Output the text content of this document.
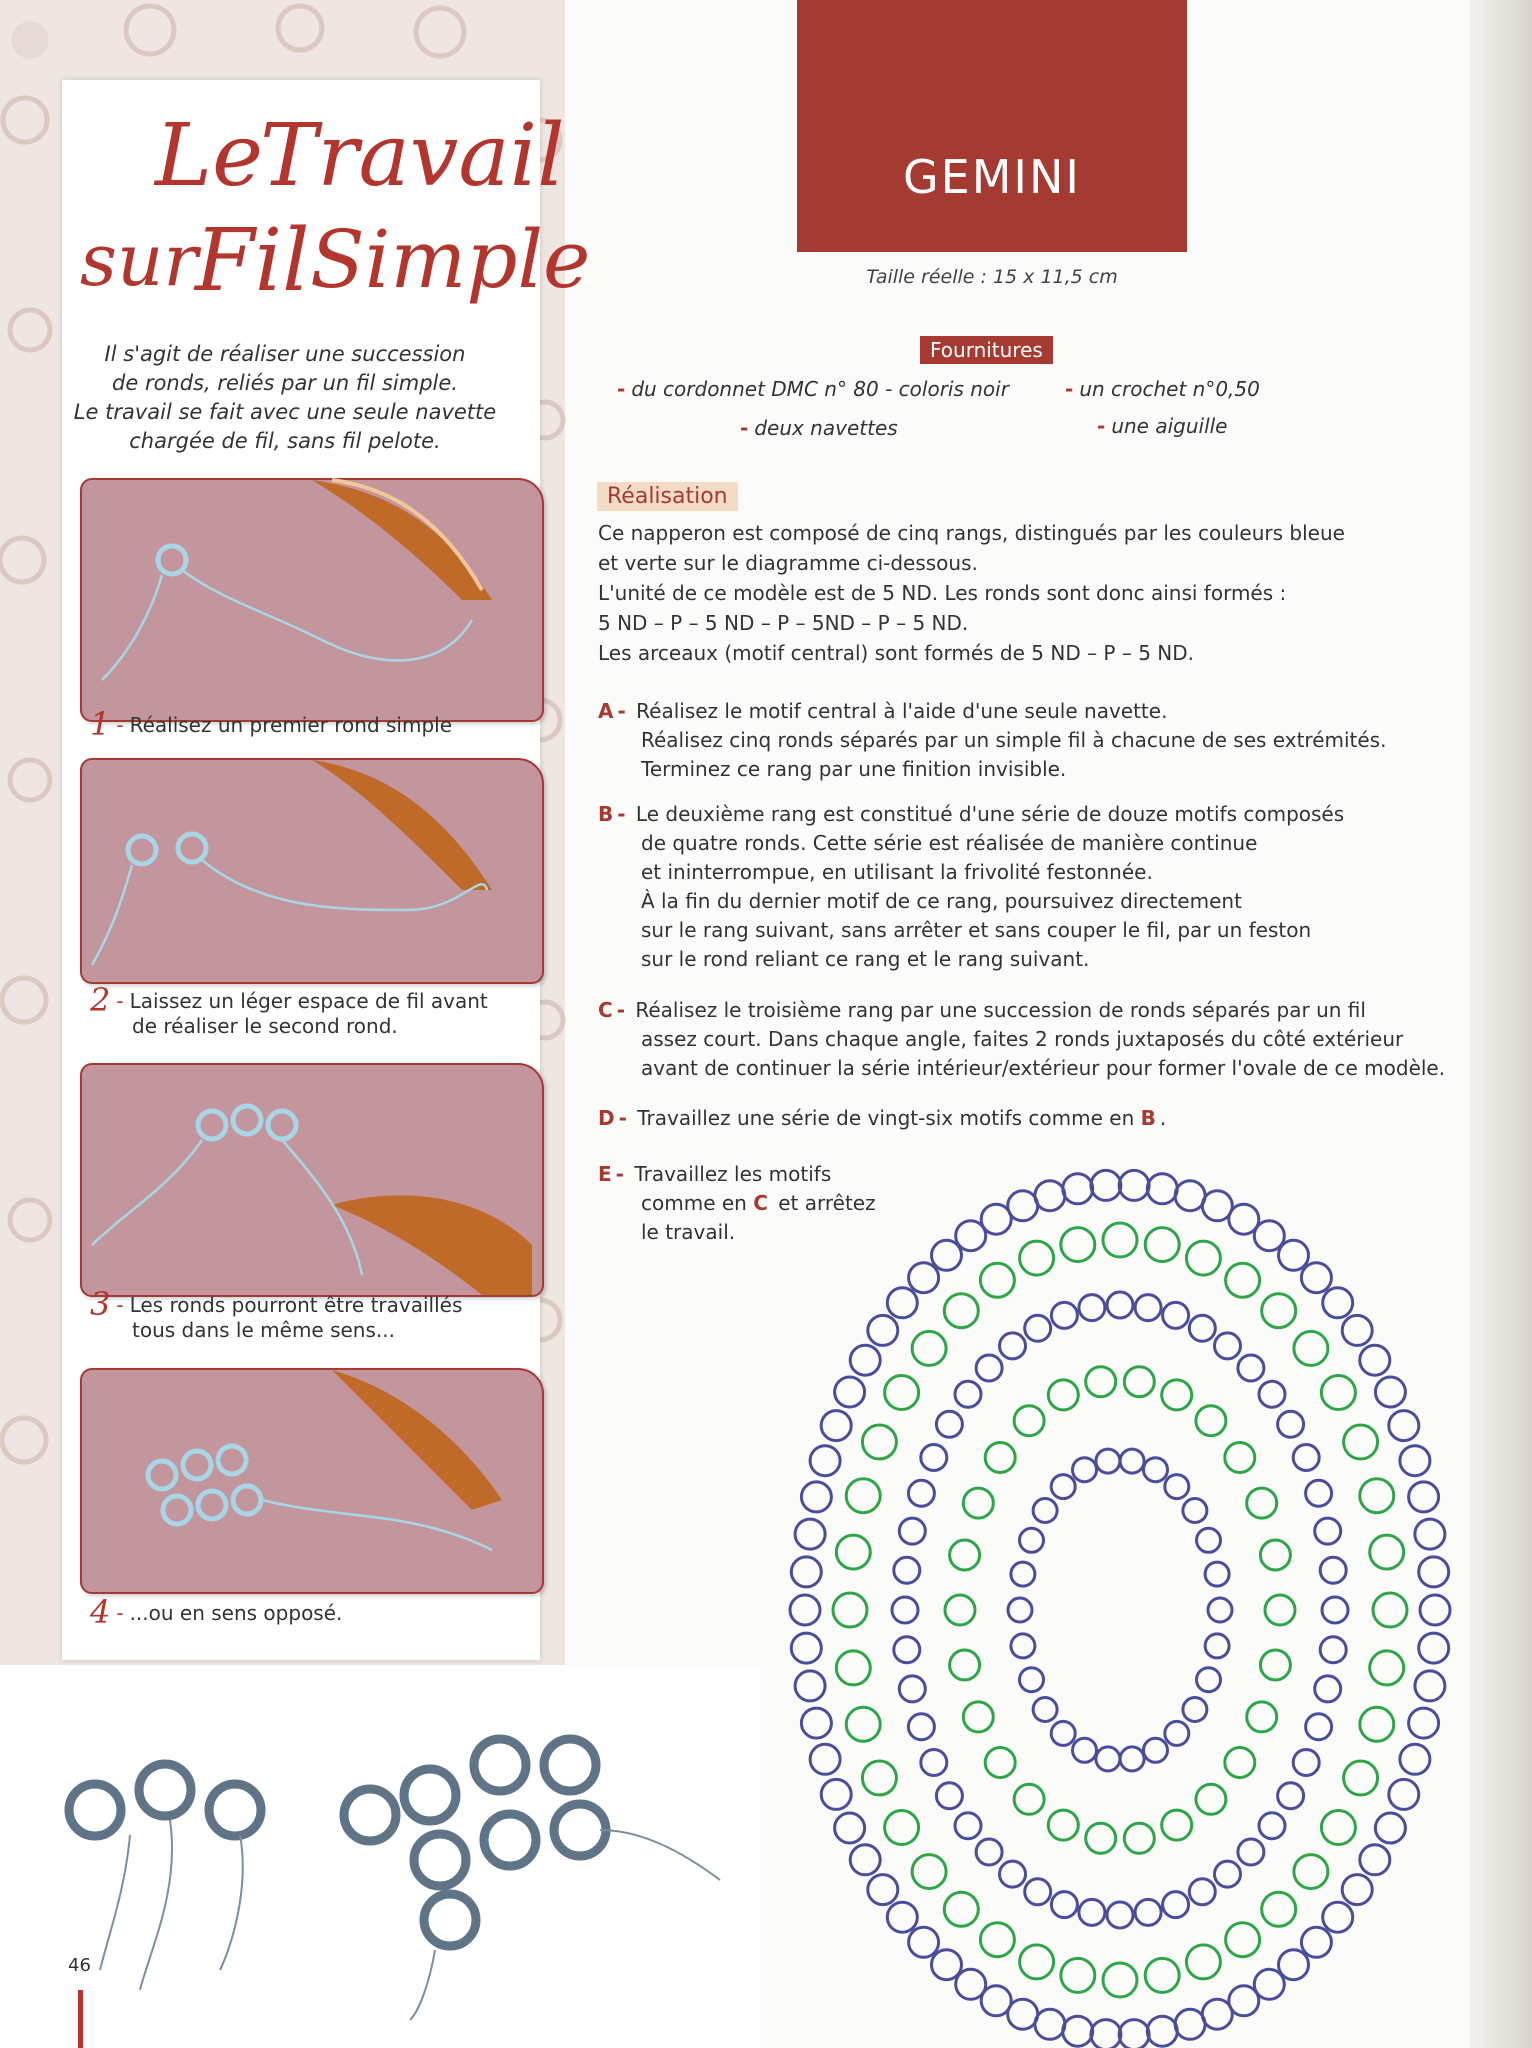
Le
Travail
sur
Fil Simple
Il s'agit de réaliser une succession
de ronds, reliés par un fil simple.
Le travail se fait avec une seule navette
chargée de fil, sans fil pelote.
1 - Réalisez un premier rond simple
2 - Laissez un léger espace de fil avant
de réaliser le second rond.
3 - Les ronds pourront être travaillés
tous dans le même sens...
4 - ...ou en sens opposé.
46
GEMINI
Taille réelle : 15 x 11,5 cm
Fournitures
- du cordonnet DMC n° 80 - coloris noir
- deux navettes
- un crochet n°0,50
- une aiguille
Réalisation
Ce napperon est composé de cinq rangs, distingués par les couleurs bleue
et verte sur le diagramme ci-dessous.
L'unité de ce modèle est de 5 ND. Les ronds sont donc ainsi formés :
5 ND – P – 5 ND – P – 5ND – P – 5 ND.
Les arceaux (motif central) sont formés de 5 ND – P – 5 ND.
A - Réalisez le motif central à l'aide d'une seule navette.
Réalisez cinq ronds séparés par un simple fil à chacune de ses extrémités.
Terminez ce rang par une finition invisible.
B - Le deuxième rang est constitué d'une série de douze motifs composés
de quatre ronds. Cette série est réalisée de manière continue
et ininterrompue, en utilisant la frivolité festonnée.
À la fin du dernier motif de ce rang, poursuivez directement
sur le rang suivant, sans arrêter et sans couper le fil, par un feston
sur le rond reliant ce rang et le rang suivant.
C - Réalisez le troisième rang par une succession de ronds séparés par un fil
assez court. Dans chaque angle, faites 2 ronds juxtaposés du côté extérieur
avant de continuer la série intérieur/extérieur pour former l'ovale de ce modèle.
D - Travaillez une série de vingt-six motifs comme en B .
E - Travaillez les motifs
comme en C et arrêtez
le travail.
